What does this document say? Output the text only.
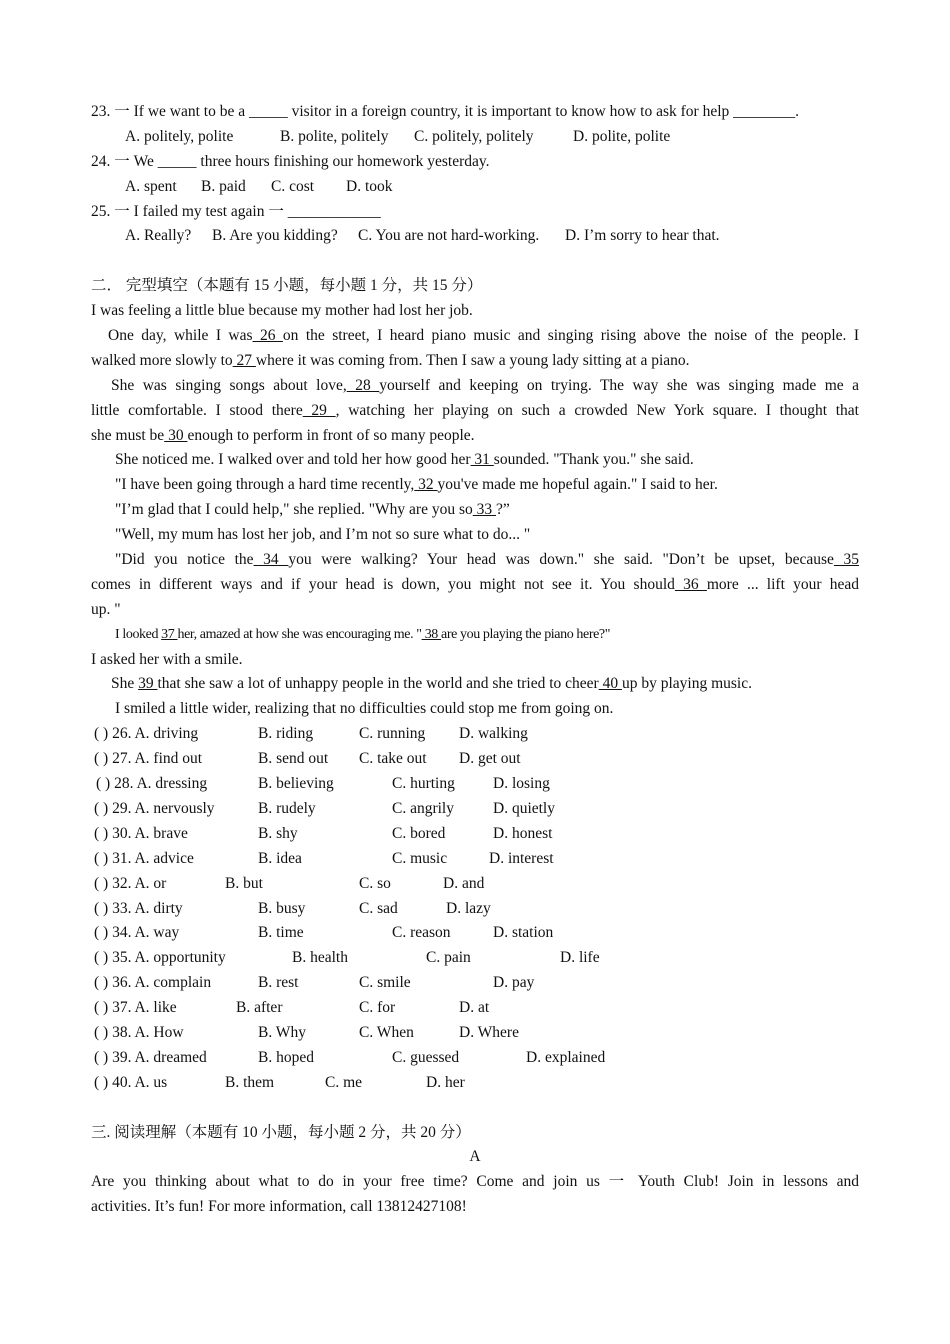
23. 一 If we want to be a _____ visitor in a foreign country, it is important to know how to ask for help ________.
A. politely, polite	B. polite, politely C. politely, politely	D. polite, polite
24. 一 We _____ three hours finishing our homework yesterday.
A. spent B. paid C. cost D. took
25. 一 I failed my test again 一 ____________
A. Really? B. Are you kidding? C. You are not hard-working. D. I’m sorry to hear that.
二． 完型填空（本题有 15 小题，每小题 1 分，共 15 分）
I was feeling a little blue because my mother had lost her job.
One day, while I was 26 on the street, I heard piano music and singing rising above the noise of the people. I
walked more slowly to 27 where it was coming from. Then I saw a young lady sitting at a piano.
She was singing songs about love, 28 yourself and keeping on trying. The way she was singing made me a
little comfortable. I stood there 29 , watching her playing on such a crowded New York square. I thought that
she must be 30 enough to perform in front of so many people.
She noticed me. I walked over and told her how good her 31 sounded. "Thank you." she said.
"I have been going through a hard time recently, 32 you've made me hopeful again." I said to her.
"I’m glad that I could help," she replied. "Why are you so 33 ?”
"Well, my mum has lost her job, and I’m not so sure what to do... "
"Did you notice the 34 you were walking? Your head was down." she said. "Don’t be upset, because 35
comes in different ways and if your head is down, you might not see it. You should 36 more ... lift your head
up. "
I looked 37 her, amazed at how she was encouraging me. " 38 are you playing the piano here?"
I asked her with a smile.
She 39 that she saw a lot of unhappy people in the world and she tried to cheer 40 up by playing music.
I smiled a little wider, realizing that no difficulties could stop me from going on.
( ) 26. A. driving	B. riding	C. running D. walking
( ) 27. A. find out	B. send out C. take out D. get out
( ) 28. A. dressing	B. believing	C. hurting D. losing
( ) 29. A. nervously	B. rudely	C. angrily	D. quietly
( ) 30. A. brave	B. shy	C. bored	D. honest
( ) 31. A. advice	B. idea	C. music	D. interest
( ) 32. A. or	B. but	C. so	D. and
( ) 33. A. dirty	B. busy	C. sad	D. lazy
( ) 34. A. way	B. time	C. reason	D. station
( ) 35. A. opportunity	B. health	C. pain	D. life
( ) 36. A. complain	B. rest	C. smile	D. pay
( ) 37. A. like	B. after	C. for	D. at
( ) 38. A. How	B. Why	C. When	D. Where
( ) 39. A. dreamed	B. hoped	C. guessed	D. explained
( ) 40. A. us	B. them	C. me	D. her
三. 阅读理解（本题有 10 小题，每小题 2 分，共 20 分）
A
Are you thinking about what to do in your free time? Come and join us 一 Youth Club! Join in lessons and
activities. It’s fun! For more information, call 13812427108!
